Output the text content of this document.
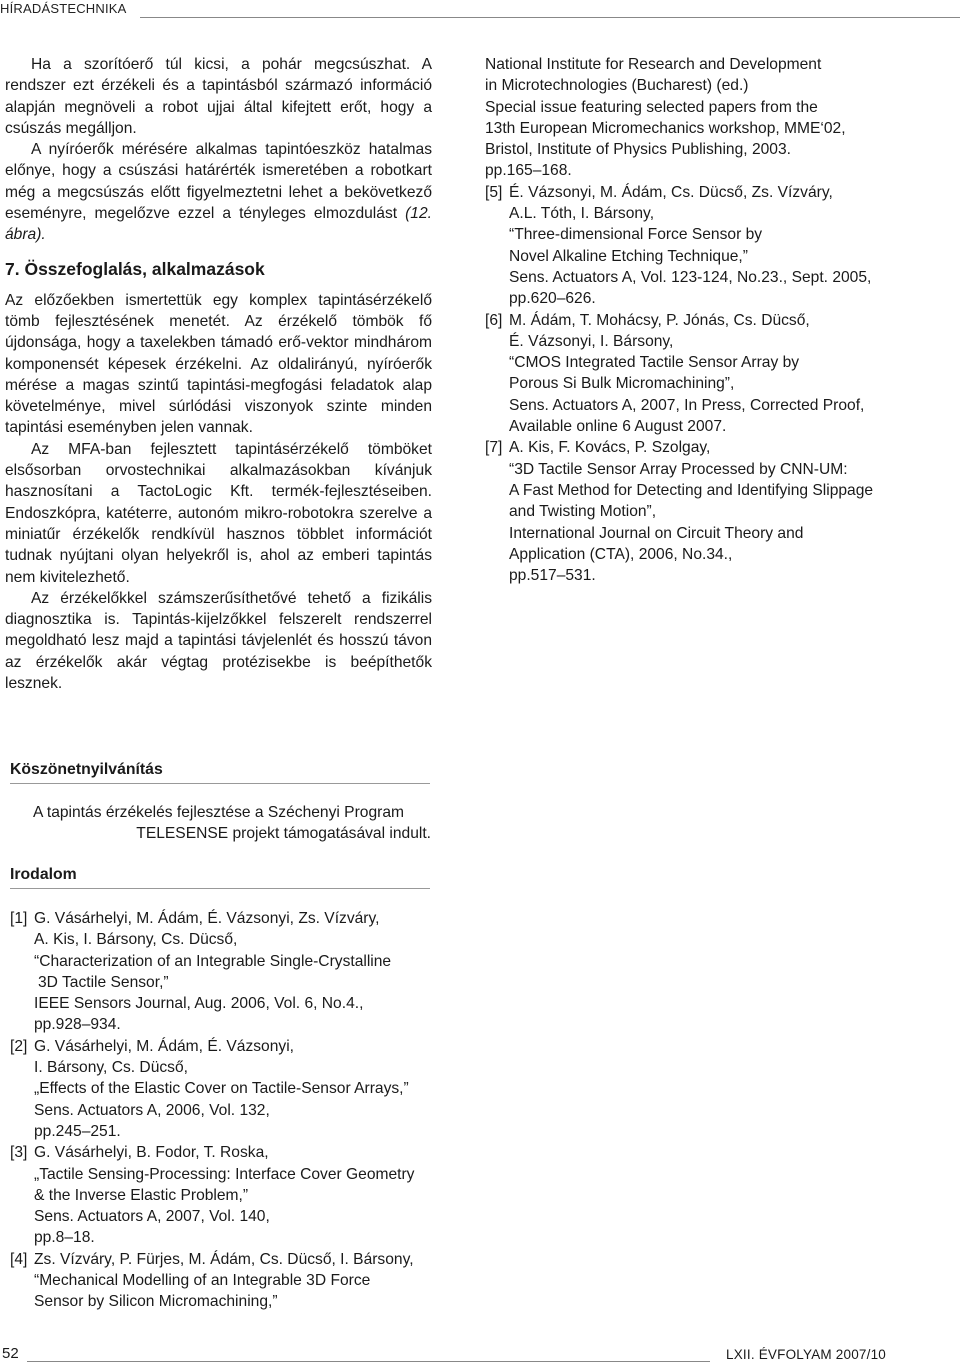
HÍRADÁSTECHNIKA

Ha a szorítóerő túl kicsi, a pohár megcsúszhat. A rendszer ezt érzékeli és a tapintásból származó információ alapján megnöveli a robot ujjai által kifejtett erőt, hogy a csúszás megálljon.

A nyíróerők mérésére alkalmas tapintóeszköz hatalmas előnye, hogy a csúszási határérték ismeretében a robotkart még a megcsúszás előtt figyelmeztetni lehet a bekövetkező eseményre, megelőzve ezzel a tényleges elmozdulást (12. ábra).

7. Összefoglalás, alkalmazások

Az előzőekben ismertettük egy komplex tapintásérzékelő tömb fejlesztésének menetét. Az érzékelő tömbök fő újdonsága, hogy a taxelekben támadó erő-vektor mindhárom komponensét képesek érzékelni. Az oldalirányú, nyíróerők mérése a magas szintű tapintási-megfogási feladatok alap követelménye, mivel súrlódási viszonyok szinte minden tapintási eseményben jelen vannak.

Az MFA-ban fejlesztett tapintásérzékelő tömböket elsősorban orvostechnikai alkalmazásokban kívánjuk hasznosítani a TactoLogic Kft. termék-fejlesztéseiben. Endoszkópra, katéterre, autonóm mikro-robotokra szerelve a miniatűr érzékelők rendkívül hasznos többlet információt tudnak nyújtani olyan helyekről is, ahol az emberi tapintás nem kivitelezhető.

Az érzékelőkkel számszerűsíthetővé tehető a fizikális diagnosztika is. Tapintás-kijelzőkkel felszerelt rendszerrel megoldható lesz majd a tapintási távjelenlét és hosszú távon az érzékelők akár végtag protézisekbe is beépíthetők lesznek.

Köszönetnyilvánítás
A tapintás érzékelés fejlesztése a Széchenyi Program
TELESENSE projekt támogatásával indult.
Irodalom
[1] G. Vásárhelyi, M. Ádám, É. Vázsonyi, Zs. Vízváry,
A. Kis, I. Bársony, Cs. Dücső,
“Characterization of an Integrable Single-Crystalline
3D Tactile Sensor,”
IEEE Sensors Journal, Aug. 2006, Vol. 6, No.4.,
pp.928–934.
[2] G. Vásárhelyi, M. Ádám, É. Vázsonyi,
I. Bársony, Cs. Dücső,
„Effects of the Elastic Cover on Tactile-Sensor Arrays,”
Sens. Actuators A, 2006, Vol. 132,
pp.245–251.
[3] G. Vásárhelyi, B. Fodor, T. Roska,
„Tactile Sensing-Processing: Interface Cover Geometry
& the Inverse Elastic Problem,”
Sens. Actuators A, 2007, Vol. 140,
pp.8–18.
[4] Zs. Vízváry, P. Fürjes, M. Ádám, Cs. Dücső, I. Bársony,
“Mechanical Modelling of an Integrable 3D Force
Sensor by Silicon Micromachining,”
National Institute for Research and Development
in Microtechnologies (Bucharest) (ed.)
Special issue featuring selected papers from the
13th European Micromechanics workshop, MME‘02,
Bristol, Institute of Physics Publishing, 2003.
pp.165–168.
[5] É. Vázsonyi, M. Ádám, Cs. Dücső, Zs. Vízváry,
A.L. Tóth, I. Bársony,
“Three-dimensional Force Sensor by
Novel Alkaline Etching Technique,”
Sens. Actuators A, Vol. 123-124, No.23., Sept. 2005,
pp.620–626.
[6] M. Ádám, T. Mohácsy, P. Jónás, Cs. Dücső,
É. Vázsonyi, I. Bársony,
“CMOS Integrated Tactile Sensor Array by
Porous Si Bulk Micromachining”,
Sens. Actuators A, 2007, In Press, Corrected Proof,
Available online 6 August 2007.
[7] A. Kis, F. Kovács, P. Szolgay,
“3D Tactile Sensor Array Processed by CNN-UM:
A Fast Method for Detecting and Identifying Slippage
and Twisting Motion”,
International Journal on Circuit Theory and
Application (CTA), 2006, No.34.,
pp.517–531.
52	LXII. ÉVFOLYAM 2007/10
